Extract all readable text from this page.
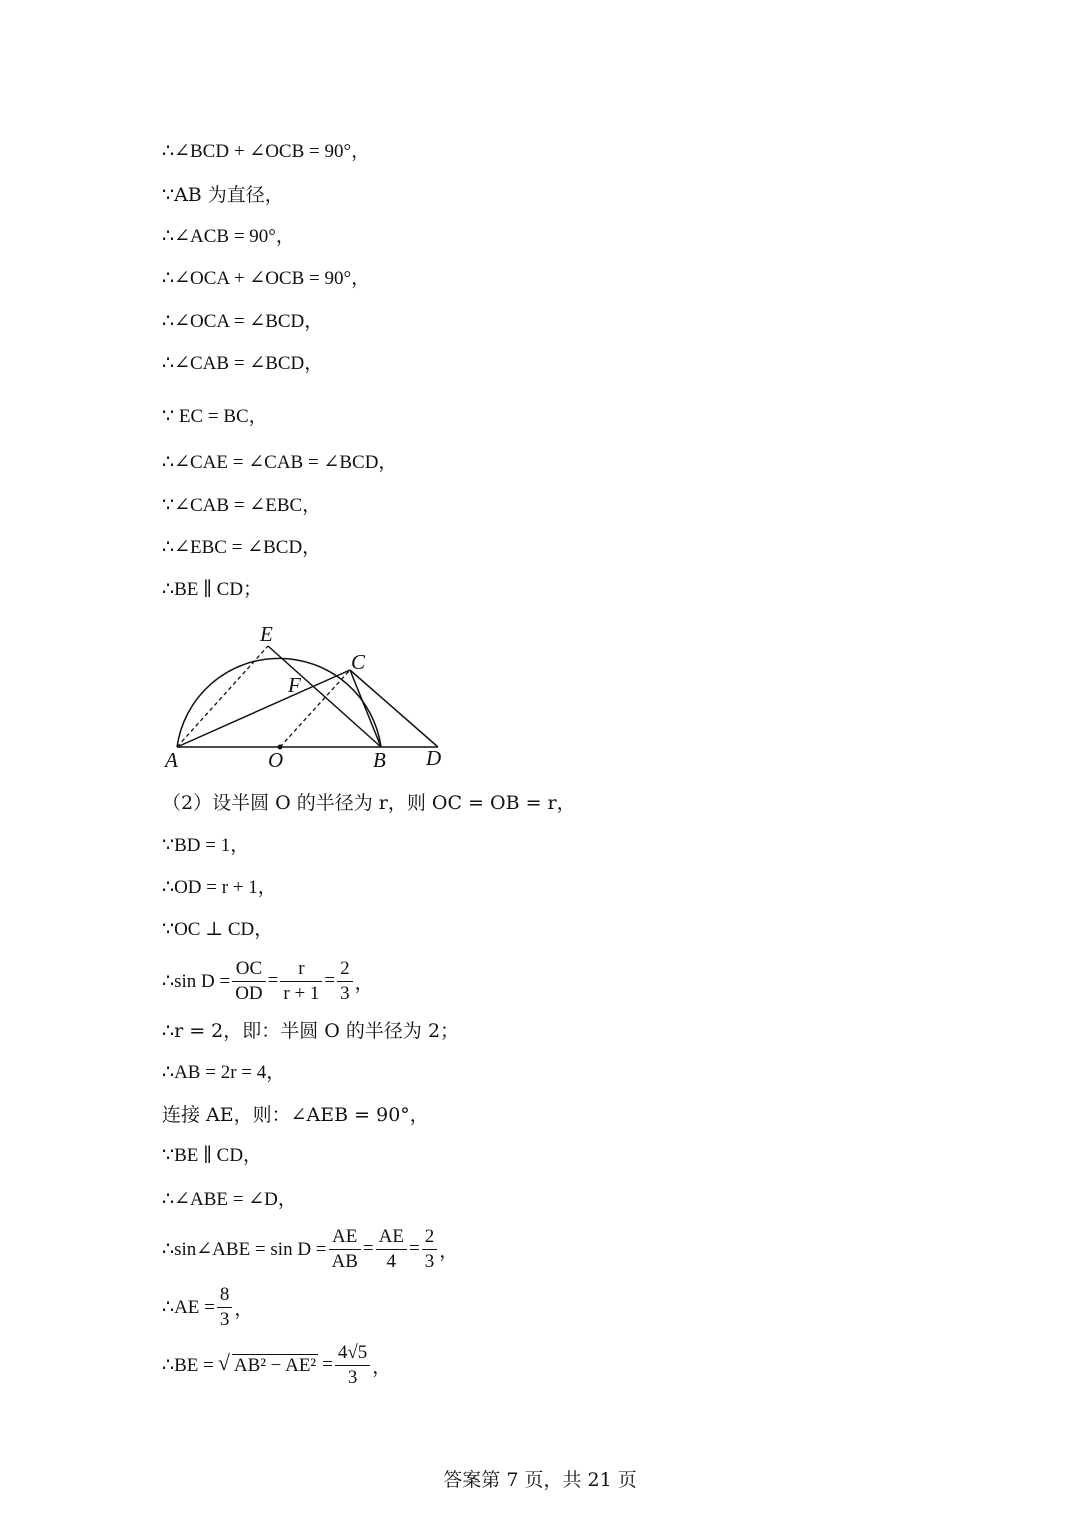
∴∠BCD + ∠OCB = 90°，
∵AB 为直径，
∴∠ACB = 90°，
∴∠OCA + ∠OCB = 90°，
∴∠OCA = ∠BCD，
∴∠CAB = ∠BCD，
∵ EC = BC，
∴∠CAE = ∠CAB = ∠BCD，
∵∠CAB = ∠EBC，
∴∠EBC = ∠BCD，
∴BE ∥ CD；
E
C
F
A	O	B D
（2）设半圆 O 的半径为 r，则 OC = OB = r，
∵BD = 1，
∴OD = r + 1，
∵OC ⊥ CD，
∴sin $D = \frac{OC}{OD} = \frac{r}{r + 1} = \frac{2}{3}$ ，
∴r = 2，即：半圆 O 的半径为 2；
∴AB = 2r = 4，
连接 AE，则：∠AEB = 90°，
∵BE ∥ CD，
∴∠ABE = ∠D，
∴sin∠ABE = $\sin D = \frac{AE}{AB} = \frac{AE}{4} = \frac{2}{3}$ ，
∴AE = $\frac{8}{3}$ ，
∴BE = √ $AB^2 - AE^2 = \frac{4√5}{3}$ ，
答案第 7 页，共 21 页
